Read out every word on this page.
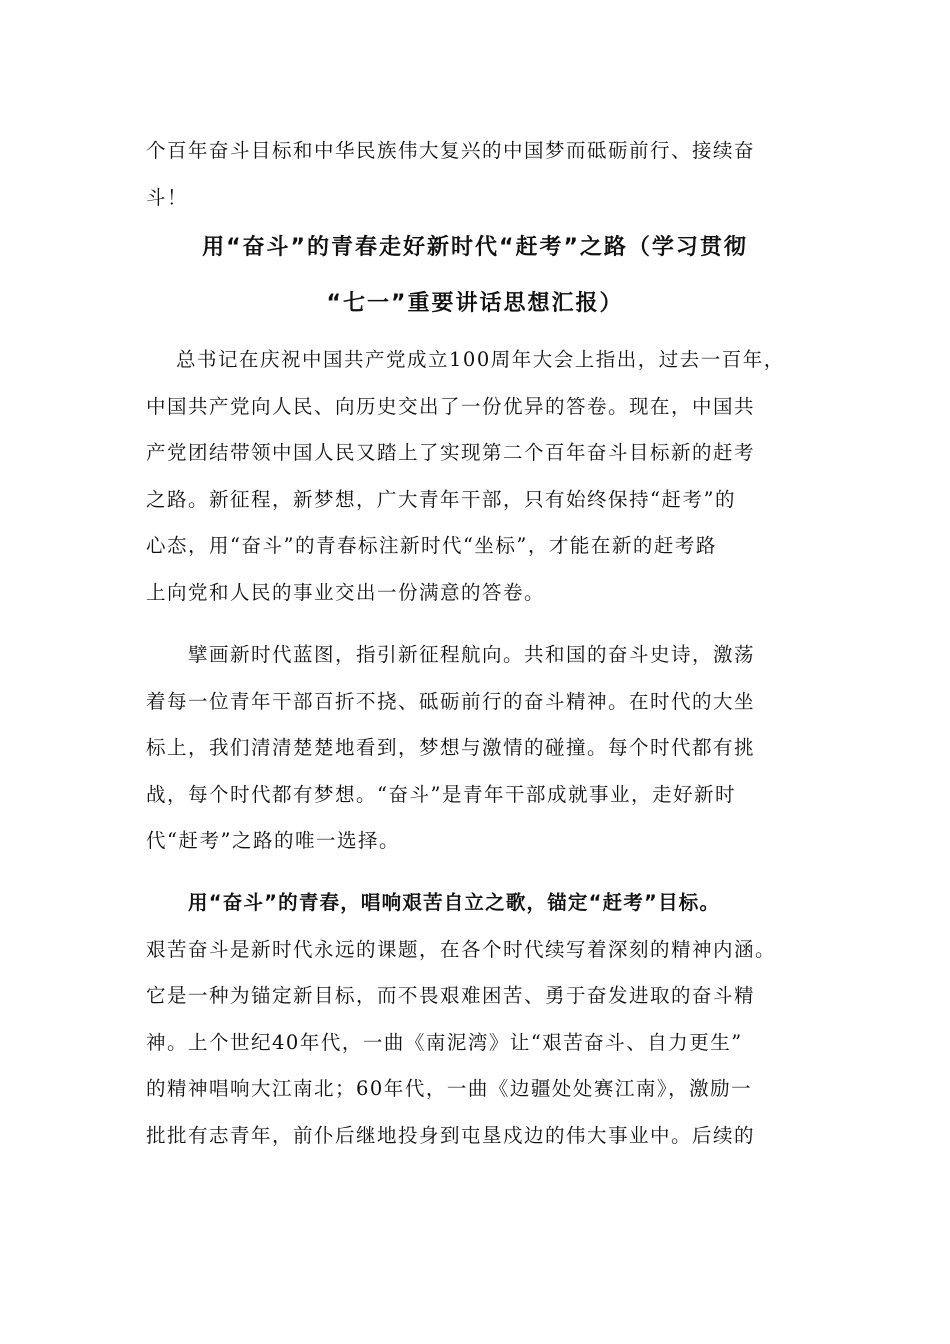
个百年奋斗目标和中华民族伟大复兴的中国梦而砥砺前行、接续奋
斗！
用“奋斗”的青春走好新时代“赶考”之路（学习贯彻
“七一”重要讲话思想汇报）
总书记在庆祝中国共产党成立100周年大会上指出，过去一百年，
中国共产党向人民、向历史交出了一份优异的答卷。现在，中国共
产党团结带领中国人民又踏上了实现第二个百年奋斗目标新的赶考
之路。新征程，新梦想，广大青年干部，只有始终保持“赶考”的
心态，用“奋斗”的青春标注新时代“坐标”，才能在新的赶考路
上向党和人民的事业交出一份满意的答卷。
擘画新时代蓝图，指引新征程航向。共和国的奋斗史诗，激荡
着每一位青年干部百折不挠、砥砺前行的奋斗精神。在时代的大坐
标上，我们清清楚楚地看到，梦想与激情的碰撞。每个时代都有挑
战，每个时代都有梦想。“奋斗”是青年干部成就事业，走好新时
代“赶考”之路的唯一选择。
用“奋斗”的青春，唱响艰苦自立之歌，锚定“赶考”目标。
艰苦奋斗是新时代永远的课题，在各个时代续写着深刻的精神内涵。
它是一种为锚定新目标，而不畏艰难困苦、勇于奋发进取的奋斗精
神。上个世纪40年代，一曲《南泥湾》让“艰苦奋斗、自力更生”
的精神唱响大江南北；60年代，一曲《边疆处处赛江南》，激励一
批批有志青年，前仆后继地投身到屯垦戍边的伟大事业中。后续的
